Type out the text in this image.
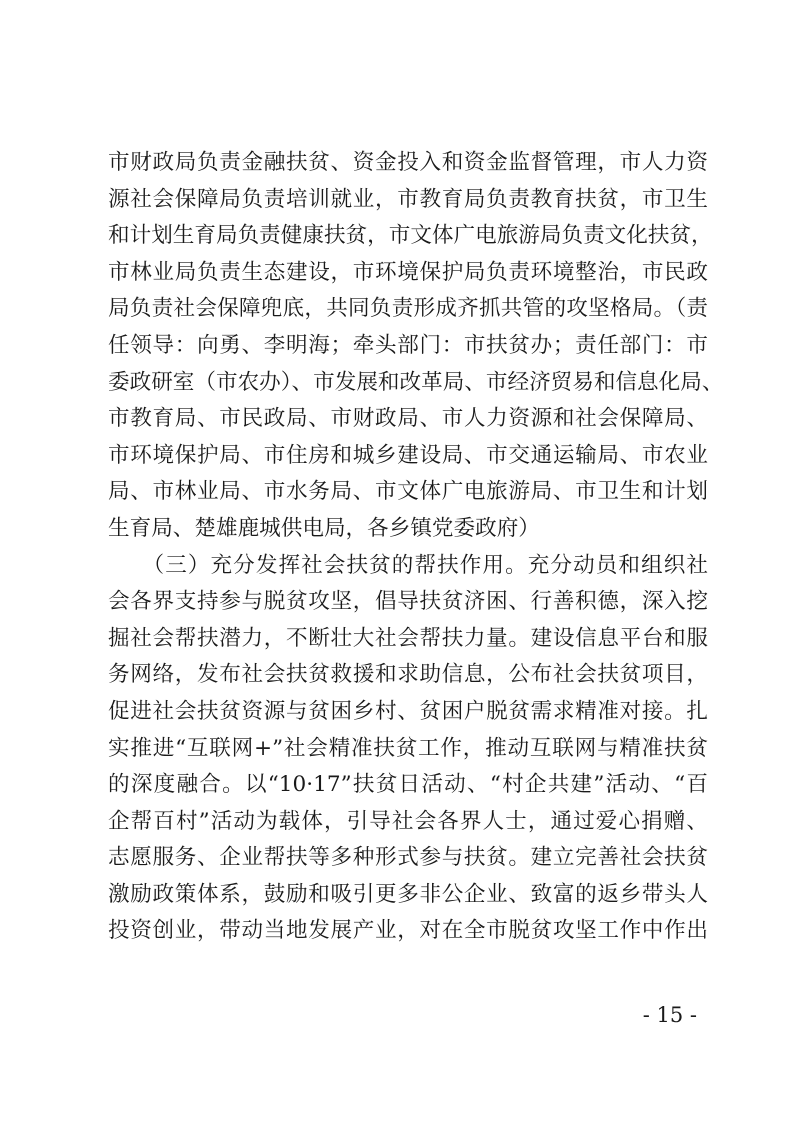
市财政局负责金融扶贫、资金投入和资金监督管理，市人力资
源社会保障局负责培训就业，市教育局负责教育扶贫，市卫生
和计划生育局负责健康扶贫，市文体广电旅游局负责文化扶贫，
市林业局负责生态建设，市环境保护局负责环境整治，市民政
局负责社会保障兜底，共同负责形成齐抓共管的攻坚格局。（责
任领导：向勇、李明海；牵头部门：市扶贫办；责任部门：市
委政研室（市农办）、市发展和改革局、市经济贸易和信息化局、
市教育局、市民政局、市财政局、市人力资源和社会保障局、
市环境保护局、市住房和城乡建设局、市交通运输局、市农业
局、市林业局、市水务局、市文体广电旅游局、市卫生和计划
生育局、楚雄鹿城供电局，各乡镇党委政府）
　　（三）充分发挥社会扶贫的帮扶作用。充分动员和组织社
会各界支持参与脱贫攻坚，倡导扶贫济困、行善积德，深入挖
掘社会帮扶潜力，不断壮大社会帮扶力量。建设信息平台和服
务网络，发布社会扶贫救援和求助信息，公布社会扶贫项目，
促进社会扶贫资源与贫困乡村、贫困户脱贫需求精准对接。扎
实推进“互联网+”社会精准扶贫工作，推动互联网与精准扶贫
的深度融合。以“10·17”扶贫日活动、“村企共建”活动、“百
企帮百村”活动为载体，引导社会各界人士，通过爱心捐赠、
志愿服务、企业帮扶等多种形式参与扶贫。建立完善社会扶贫
激励政策体系，鼓励和吸引更多非公企业、致富的返乡带头人
投资创业，带动当地发展产业，对在全市脱贫攻坚工作中作出
- 15 -
